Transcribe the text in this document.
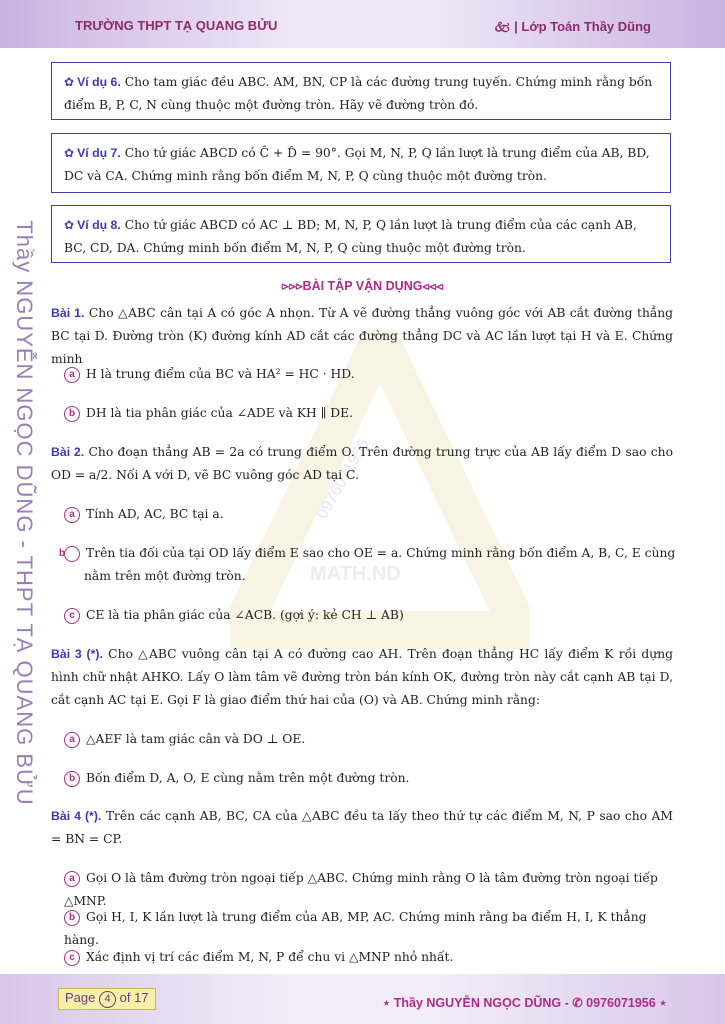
TRƯỜNG THPT TẠ QUANG BỬU	🙵 | Lớp Toán Thầy Dũng
Thầy NGUYỄN NGỌC DŨNG - THPT TẠ QUANG BỬU	0976071956
MATH.ND
✿ Ví dụ 6. Cho tam giác đều ABC. AM, BN, CP là các đường trung tuyến. Chứng minh rằng bốn điểm B, P, C, N cùng thuộc một đường tròn. Hãy vẽ đường tròn đó.
✿ Ví dụ 7. Cho tứ giác ABCD có Ĉ + D̂ = 90°. Gọi M, N, P, Q lần lượt là trung điểm của AB, BD, DC và CA. Chứng minh rằng bốn điểm M, N, P, Q cùng thuộc một đường tròn.
✿ Ví dụ 8. Cho tứ giác ABCD có AC ⊥ BD; M, N, P, Q lần lượt là trung điểm của các cạnh AB, BC, CD, DA. Chứng minh bốn điểm M, N, P, Q cùng thuộc một đường tròn.
⪧⪧⪧BÀI TẬP VẬN DỤNG⪦⪦⪦
Bài 1. Cho △ABC cân tại A có góc A nhọn. Từ A vẽ đường thẳng vuông góc với AB cắt đường thẳng BC tại D. Đường tròn (K) đường kính AD cắt các đường thẳng DC và AC lần lượt tại H và E. Chứng minh
a H là trung điểm của BC và HA² = HC · HD.
b DH là tia phân giác của ∠ADE và KH ∥ DE.
Bài 2. Cho đoạn thẳng AB = 2a có trung điểm O. Trên đường trung trực của AB lấy điểm D sao cho OD = a/2. Nối A với D, vẽ BC vuông góc AD tại C.
a Tính AD, AC, BC tại a.
b Trên tia đối của tại OD lấy điểm E sao cho OE = a. Chứng minh rằng bốn điểm A, B, C, E cùng nằm trên một đường tròn.
c CE là tia phân giác của ∠ACB. (gợi ý: kẻ CH ⊥ AB)
Bài 3 (*). Cho △ABC vuông cân tại A có đường cao AH. Trên đoạn thẳng HC lấy điểm K rồi dựng hình chữ nhật AHKO. Lấy O làm tâm vẽ đường tròn bán kính OK, đường tròn này cắt cạnh AB tại D, cắt cạnh AC tại E. Gọi F là giao điểm thứ hai của (O) và AB. Chứng minh rằng:
a △AEF là tam giác cân và DO ⊥ OE.
b Bốn điểm D, A, O, E cùng nằm trên một đường tròn.
Bài 4 (*). Trên các cạnh AB, BC, CA của △ABC đều ta lấy theo thứ tự các điểm M, N, P sao cho AM = BN = CP.
a Gọi O là tâm đường tròn ngoại tiếp △ABC. Chứng minh rằng O là tâm đường tròn ngoại tiếp △MNP.
b Gọi H, I, K lần lượt là trung điểm của AB, MP, AC. Chứng minh rằng ba điểm H, I, K thẳng hàng.
c Xác định vị trí các điểm M, N, P để chu vi △MNP nhỏ nhất.
Page 4 of 17	⋆ Thầy NGUYỄN NGỌC DŨNG - ✆ 0976071956 ⋆
